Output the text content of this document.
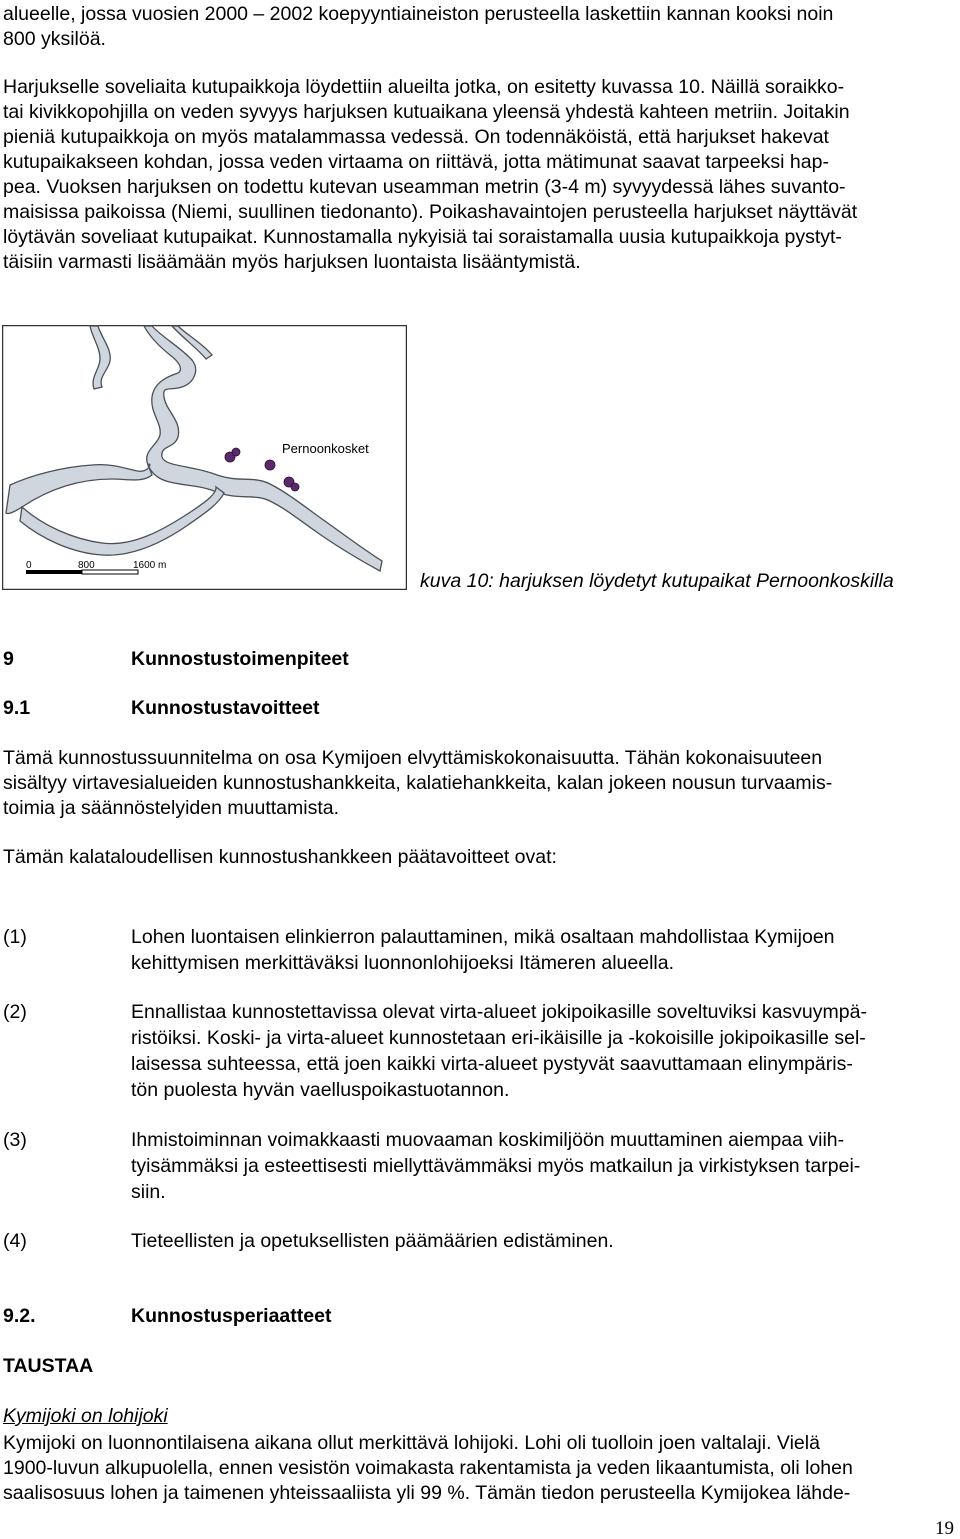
alueelle, jossa vuosien 2000 – 2002 koepyyntiaineiston perusteella laskettiin kannan kooksi noin
800 yksilöä.
Harjukselle soveliaita kutupaikkoja löydettiin alueilta jotka, on esitetty kuvassa 10. Näillä soraikko-
tai kivikkopohjilla on veden syvyys harjuksen kutuaikana yleensä yhdestä kahteen metriin. Joitakin
pieniä kutupaikkoja on myös matalammassa vedessä. On todennäköistä, että harjukset hakevat
kutupaikakseen kohdan, jossa veden virtaama on riittävä, jotta mätimunat saavat tarpeeksi hap-
pea. Vuoksen harjuksen on todettu kutevan useamman metrin (3-4 m) syvyydessä lähes suvanto-
maisissa paikoissa (Niemi, suullinen tiedonanto). Poikashavaintojen perusteella harjukset näyttävät
löytävän soveliaat kutupaikat. Kunnostamalla nykyisiä tai soraistamalla uusia kutupaikkoja pystyt-
täisiin varmasti lisäämään myös harjuksen luontaista lisääntymistä.
Pernoonkosket
0	800	1600 m
kuva 10: harjuksen löydetyt kutupaikat Pernoonkoskilla
9	Kunnostustoimenpiteet
9.1	Kunnostustavoitteet
Tämä kunnostussuunnitelma on osa Kymijoen elvyttämiskokonaisuutta. Tähän kokonaisuuteen
sisältyy virtavesialueiden kunnostushankkeita, kalatiehankkeita, kalan jokeen nousun turvaamis-
toimia ja säännöstelyiden muuttamista.
Tämän kalataloudellisen kunnostushankkeen päätavoitteet ovat:
(1)	Lohen luontaisen elinkierron palauttaminen, mikä osaltaan mahdollistaa Kymijoen
kehittymisen merkittäväksi luonnonlohijoeksi Itämeren alueella.
(2)	Ennallistaa kunnostettavissa olevat virta-alueet jokipoikasille soveltuviksi kasvuympä-
ristöiksi. Koski- ja virta-alueet kunnostetaan eri-ikäisille ja -kokoisille jokipoikasille sel-
laisessa suhteessa, että joen kaikki virta-alueet pystyvät saavuttamaan elinympäris-
tön puolesta hyvän vaelluspoikastuotannon.
(3)	Ihmistoiminnan voimakkaasti muovaaman koskimiljöön muuttaminen aiempaa viih-
tyisämmäksi ja esteettisesti miellyttävämmäksi myös matkailun ja virkistyksen tarpei-
siin.
(4)	Tieteellisten ja opetuksellisten päämäärien edistäminen.
9.2.	Kunnostusperiaatteet
TAUSTAA
Kymijoki on lohijoki
Kymijoki on luonnontilaisena aikana ollut merkittävä lohijoki. Lohi oli tuolloin joen valtalaji. Vielä
1900-luvun alkupuolella, ennen vesistön voimakasta rakentamista ja veden likaantumista, oli lohen
saalisosuus lohen ja taimenen yhteissaaliista yli 99 %. Tämän tiedon perusteella Kymijokea lähde-
19
